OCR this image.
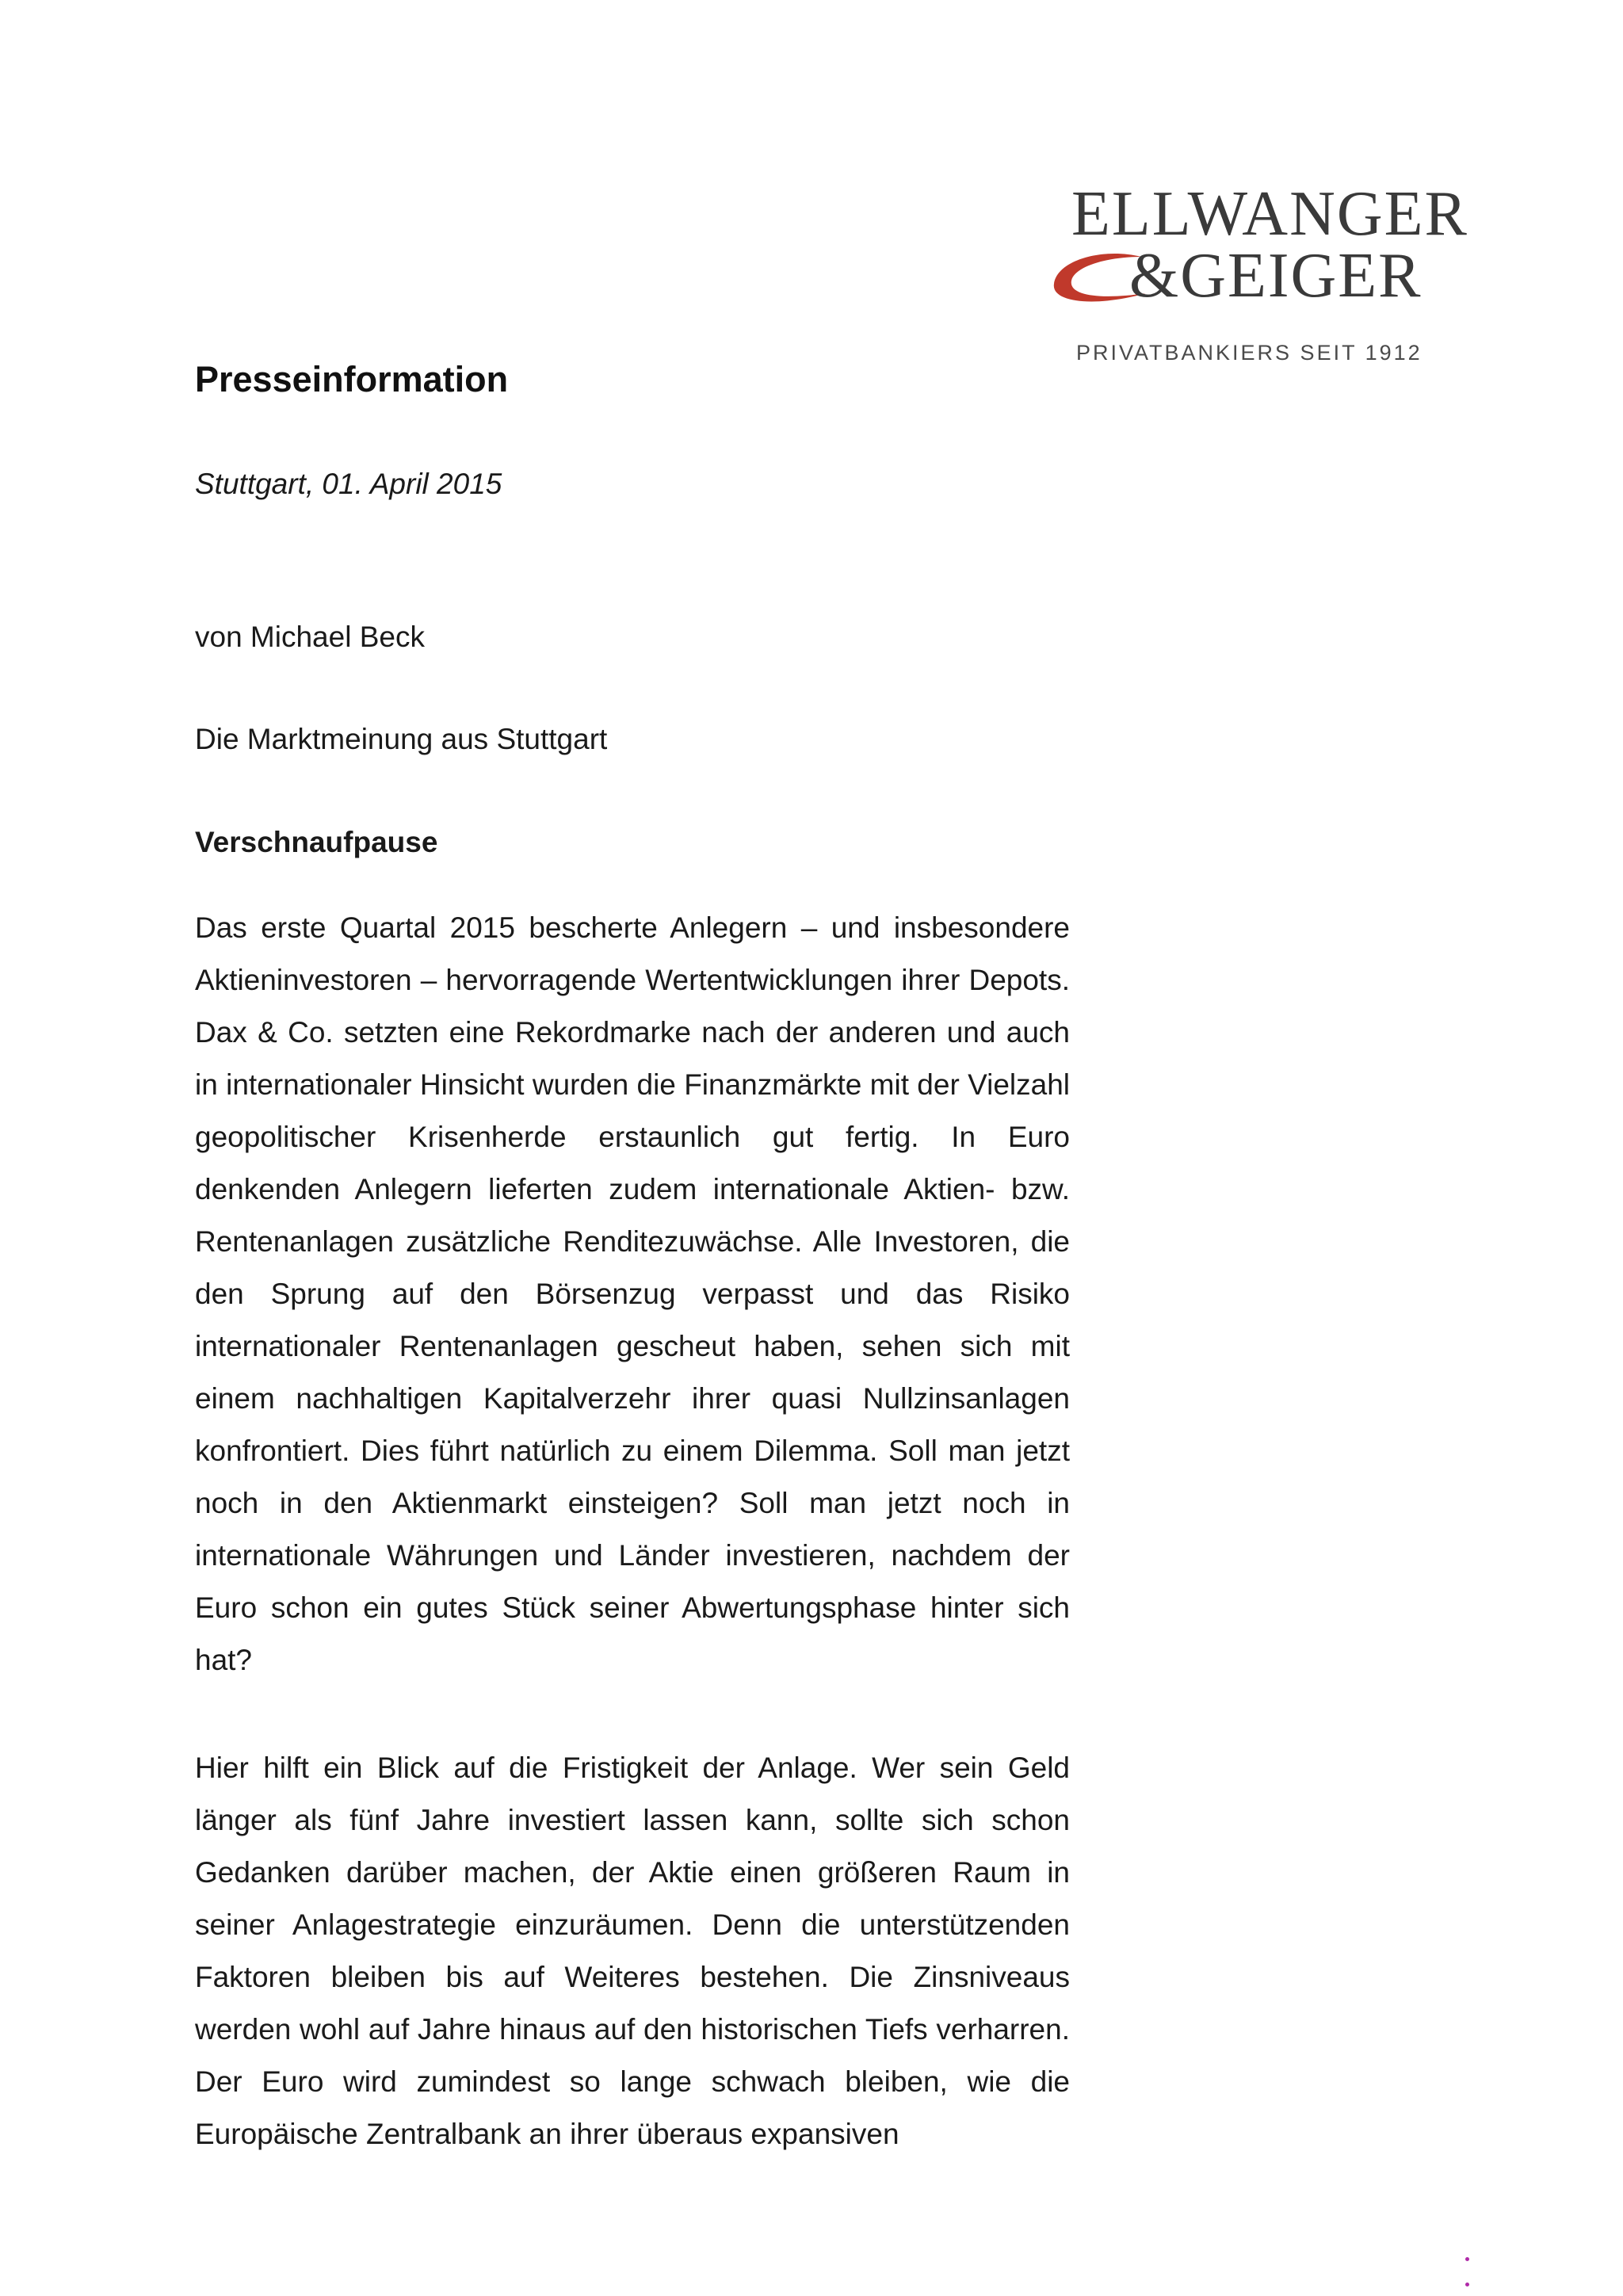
ELLWANGER
&GEIGER
PRIVATBANKIERS SEIT 1912
Presseinformation

Stuttgart, 01. April 2015

von Michael Beck

Die Marktmeinung aus Stuttgart

Verschnaufpause

Das erste Quartal 2015 bescherte Anlegern – und insbesondere Aktieninvestoren – hervorragende Wertentwicklungen ihrer Depots. Dax & Co. setzten eine Rekordmarke nach der anderen und auch in internationaler Hinsicht wurden die Finanzmärkte mit der Vielzahl geopolitischer Krisenherde erstaunlich gut fertig. In Euro denkenden Anlegern lieferten zudem internationale Aktien- bzw. Rentenanlagen zusätzliche Renditezuwächse. Alle Investoren, die den Sprung auf den Börsenzug verpasst und das Risiko internationaler Rentenanlagen gescheut haben, sehen sich mit einem nachhaltigen Kapitalverzehr ihrer quasi Nullzinsanlagen konfrontiert. Dies führt natürlich zu einem Dilemma. Soll man jetzt noch in den Aktienmarkt einsteigen? Soll man jetzt noch in internationale Währungen und Länder investieren, nachdem der Euro schon ein gutes Stück seiner Abwertungsphase hinter sich hat?

Hier hilft ein Blick auf die Fristigkeit der Anlage. Wer sein Geld länger als fünf Jahre investiert lassen kann, sollte sich schon Gedanken darüber machen, der Aktie einen größeren Raum in seiner Anlagestrategie einzuräumen. Denn die unterstützenden Faktoren bleiben bis auf Weiteres bestehen. Die Zinsniveaus werden wohl auf Jahre hinaus auf den historischen Tiefs verharren. Der Euro wird zumindest so lange schwach bleiben, wie die Europäische Zentralbank an ihrer überaus expansiven
